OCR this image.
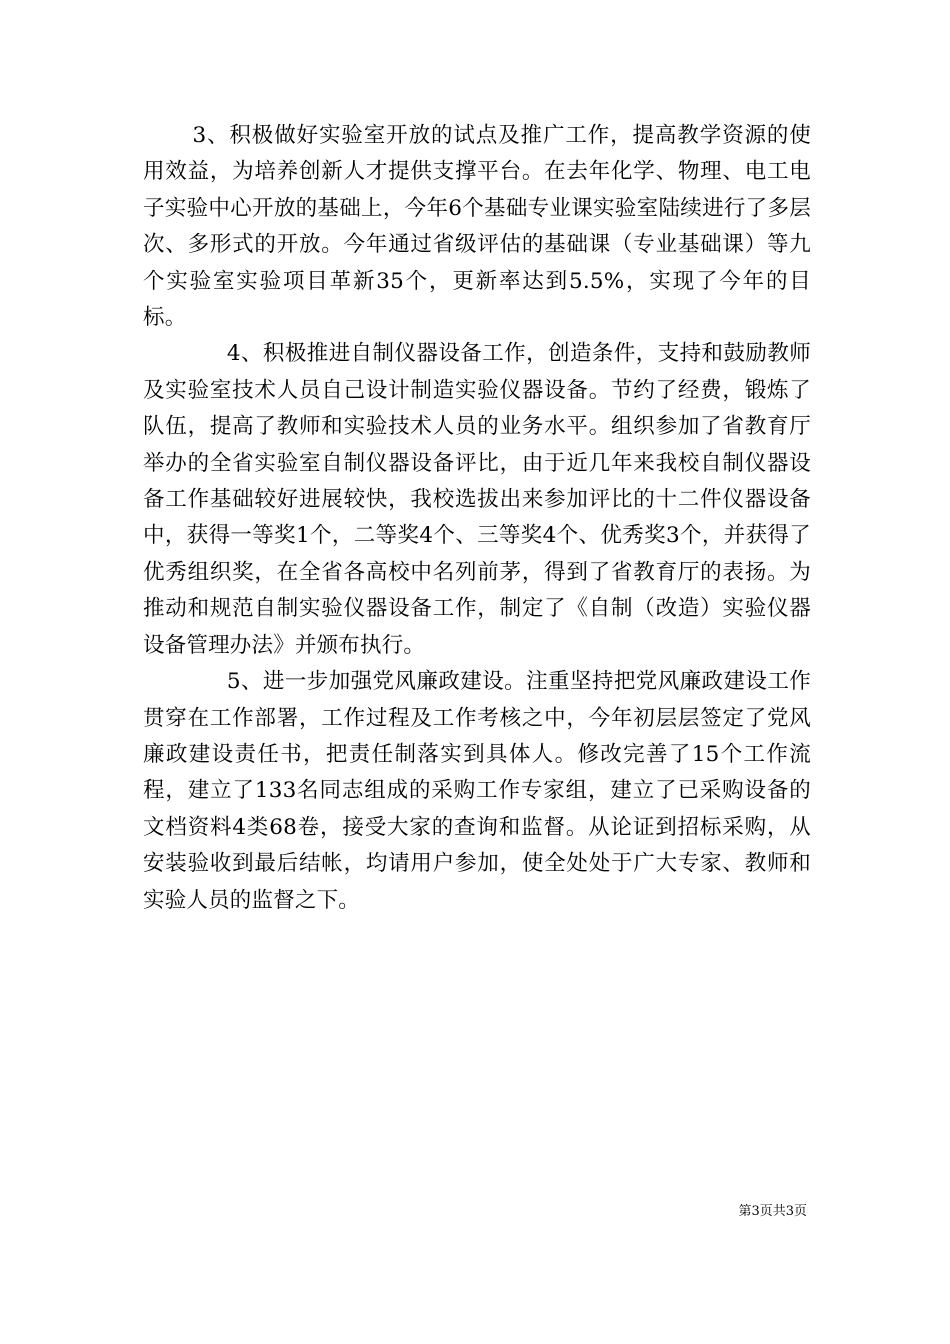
3、积极做好实验室开放的试点及推广工作，提高教学资源的使用效益，为培养创新人才提供支撑平台。在去年化学、物理、电工电子实验中心开放的基础上，今年6个基础专业课实验室陆续进行了多层次、多形式的开放。今年通过省级评估的基础课（专业基础课）等九个实验室实验项目革新35个，更新率达到5.5%，实现了今年的目标。

4、积极推进自制仪器设备工作，创造条件，支持和鼓励教师及实验室技术人员自己设计制造实验仪器设备。节约了经费，锻炼了队伍，提高了教师和实验技术人员的业务水平。组织参加了省教育厅举办的全省实验室自制仪器设备评比，由于近几年来我校自制仪器设备工作基础较好进展较快，我校选拔出来参加评比的十二件仪器设备中，获得一等奖1个，二等奖4个、三等奖4个、优秀奖3个，并获得了优秀组织奖，在全省各高校中名列前茅，得到了省教育厅的表扬。为推动和规范自制实验仪器设备工作，制定了《自制（改造）实验仪器设备管理办法》并颁布执行。

5、进一步加强党风廉政建设。注重坚持把党风廉政建设工作贯穿在工作部署，工作过程及工作考核之中，今年初层层签定了党风廉政建设责任书，把责任制落实到具体人。修改完善了15个工作流程，建立了133名同志组成的采购工作专家组，建立了已采购设备的文档资料4类68卷，接受大家的查询和监督。从论证到招标采购，从安装验收到最后结帐，均请用户参加，使全处处于广大专家、教师和实验人员的监督之下。

第3页共3页
